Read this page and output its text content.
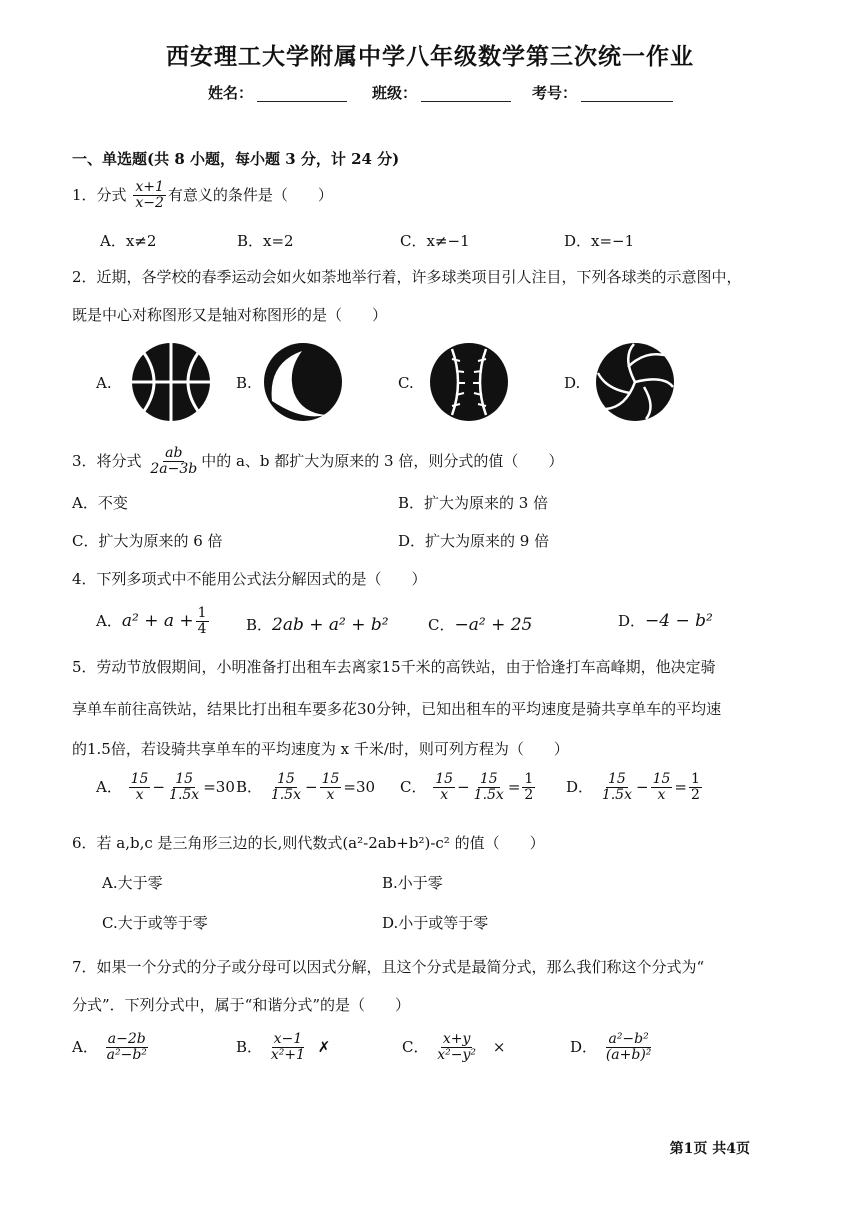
西安理工大学附属中学八年级数学第三次统一作业
姓名：	班级：	考号：
一、单选题(共 8 小题，每小题 3 分，计 24 分)
1．分式 $\frac{x+1}{x-2}$ 有意义的条件是（　　）
A．x≠2	B．x=2	C．x≠−1	D．x=−1
2．近期，各学校的春季运动会如火如荼地举行着，许多球类项目引人注目，下列各球类的示意图中，
既是中心对称图形又是轴对称图形的是（　　）
A.	B.	C.	D.
3．将分式 $\frac{ab}{2a-3b}$ 中的 a、b 都扩大为原来的 3 倍，则分式的值（　　）
A．不变	B．扩大为原来的 3 倍
C．扩大为原来的 6 倍	D．扩大为原来的 9 倍
4．下列多项式中不能用公式法分解因式的是（　　）
A．$a^2 + a + \frac{1}{4}$ B．2ab + a² + b²	C．−a² + 25	D．−4 − b²
5．劳动节放假期间，小明准备打出租车去离家15千米的高铁站，由于恰逢打车高峰期，他决定骑
享单车前往高铁站，结果比打出租车要多花30分钟，已知出租车的平均速度是骑共享单车的平均速
的1.5倍，若设骑共享单车的平均速度为 x 千米/时，则可列方程为（　　）
A． $\frac{15}{x} - \frac{15}{1.5x} =30$ B． $\frac{15}{1.5x} - \frac{15}{x} =30$ C． $\frac{15}{x} - \frac{15}{1.5x} = \frac{1}{2}$ D． $\frac{15}{1.5x} - \frac{15}{x} = \frac{1}{2}$
6．若 a,b,c 是三角形三边的长,则代数式(a²-2ab+b²)-c² 的值（　　）
A.大于零	B.小于零
C.大于或等于零	D.小于或等于零
7．如果一个分式的分子或分母可以因式分解，且这个分式是最简分式，那么我们称这个分式为“
分式”．下列分式中，属于“和谐分式”的是（　　）
A． $\frac{a-2b}{\text{a²−b²}}$	B． $\frac{x-1}{\text{x²+1}}$ ✗	C． $\frac{x+y}{\text{x²−y²}}$ ×	D． $\frac{\text{a²−b²}}{\text{(a+b)²}}$
第1页 共4页
